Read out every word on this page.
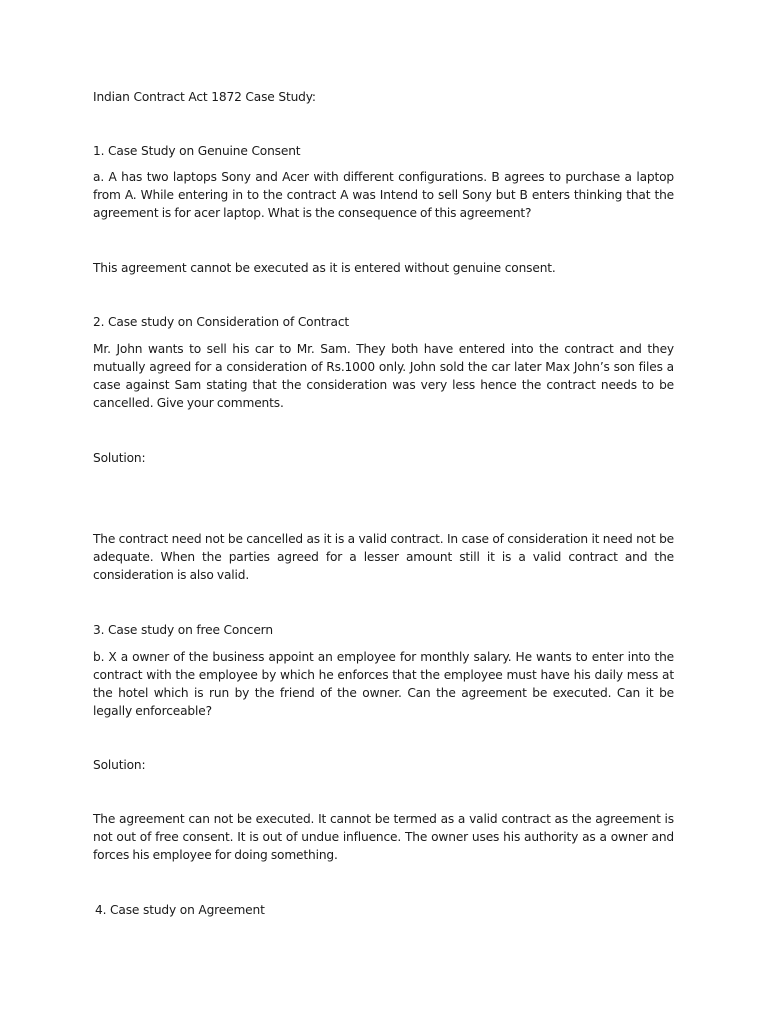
Indian Contract Act 1872 Case Study:
1. Case Study on Genuine Consent
a. A has two laptops Sony and Acer with different configurations. B agrees to purchase a laptop from A. While entering in to the contract A was Intend to sell Sony but B enters thinking that the agreement is for acer laptop. What is the consequence of this agreement?
This agreement cannot be executed as it is entered without genuine consent.
2. Case study on Consideration of Contract
Mr. John wants to sell his car to Mr. Sam. They both have entered into the contract and they mutually agreed for a consideration of Rs.1000 only. John sold the car later Max John’s son files a case against Sam stating that the consideration was very less hence the contract needs to be cancelled. Give your comments.
Solution:
The contract need not be cancelled as it is a valid contract. In case of consideration it need not be adequate. When the parties agreed for a lesser amount still it is a valid contract and the consideration is also valid.
3. Case study on free Concern
b. X a owner of the business appoint an employee for monthly salary. He wants to enter into the contract with the employee by which he enforces that the employee must have his daily mess at the hotel which is run by the friend of the owner. Can the agreement be executed. Can it be legally enforceable?
Solution:
The agreement can not be executed. It cannot be termed as a valid contract as the agreement is not out of free consent. It is out of undue influence. The owner uses his authority as a owner and forces his employee for doing something.
4. Case study on Agreement
